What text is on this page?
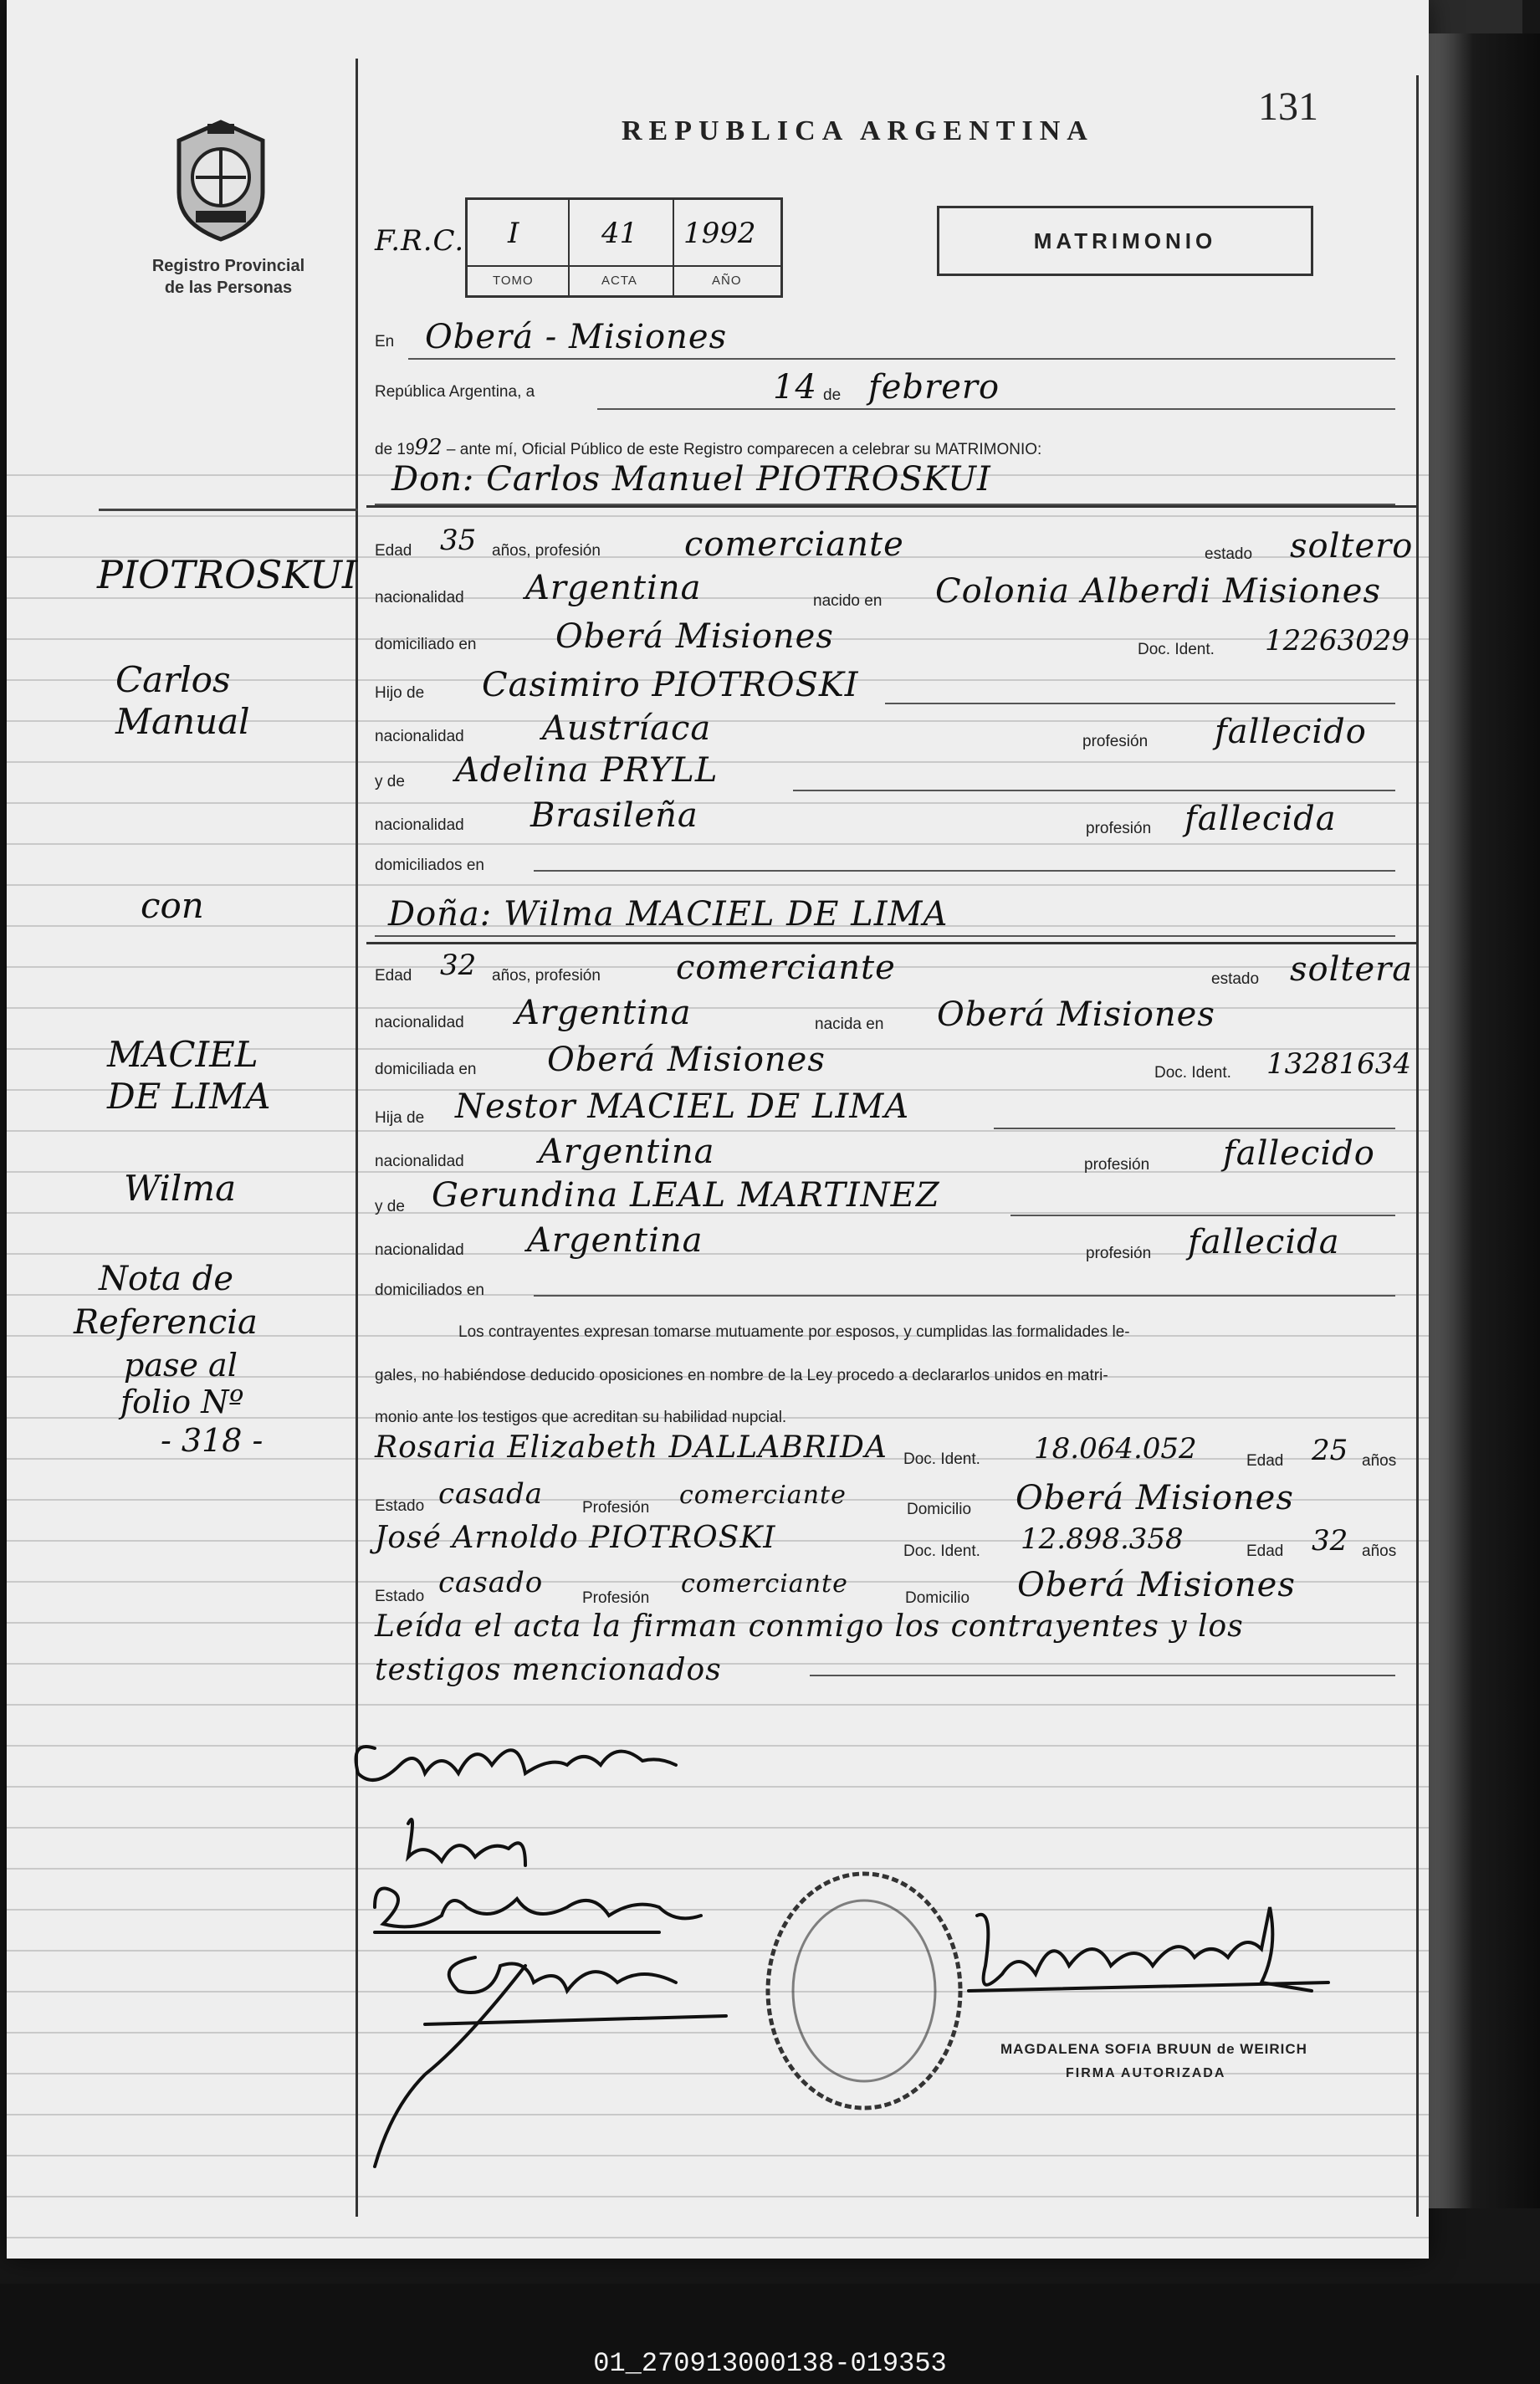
Registro Provincial
de las Personas
REPUBLICA ARGENTINA
131
F.R.C. I	41 1992
TOMO	ACTA	AÑO
MATRIMONIO
En Oberá - Misiones
República Argentina, a	14 de febrero
de 1992 – ante mí, Oficial Público de este Registro comparecen a celebrar su MATRIMONIO:
Don: Carlos Manuel PIOTROSKUI
Edad 35 años, profesión	comerciante	estado soltero
nacionalidad Argentina	nacido en Colonia Alberdi Misiones
domiciliado en Oberá Misiones	Doc. Ident. 12263029
Hijo de Casimiro PIOTROSKI
nacionalidad Austríaca	profesión fallecido
y de Adelina PRYLL
nacionalidad Brasileña	profesión fallecida
domiciliados en
Doña: Wilma MACIEL DE LIMA
Edad 32 años, profesión comerciante	estado soltera
nacionalidad Argentina	nacida en Oberá Misiones
domiciliada en Oberá Misiones	Doc. Ident. 13281634
Hija de Nestor MACIEL DE LIMA
nacionalidad Argentina	profesión fallecido
y de Gerundina LEAL MARTINEZ
nacionalidad Argentina	profesión fallecida
domiciliados en
Los contrayentes expresan tomarse mutuamente por esposos, y cumplidas las formalidades le-
gales, no habiéndose deducido oposiciones en nombre de la Ley procedo a declararlos unidos en matri-
monio ante los testigos que acreditan su habilidad nupcial.
Rosaria Elizabeth DALLABRIDA Doc. Ident. 18.064.052	Edad 25 años
Estado casada Profesión comerciante	Domicilio Oberá Misiones
José Arnoldo PIOTROSKI	Doc. Ident. 12.898.358	Edad 32 años
Estado casado Profesión comerciante	Domicilio Oberá Misiones
Leída el acta la firman conmigo los contrayentes y los
testigos mencionados
MAGDALENA SOFIA BRUUN de WEIRICH
FIRMA AUTORIZADA
PIOTROSKUI
Carlos
Manual
con
MACIEL
DE LIMA
Wilma
Nota de
Referencia
pase al
folio Nº
- 318 -
01_270913000138-019353
